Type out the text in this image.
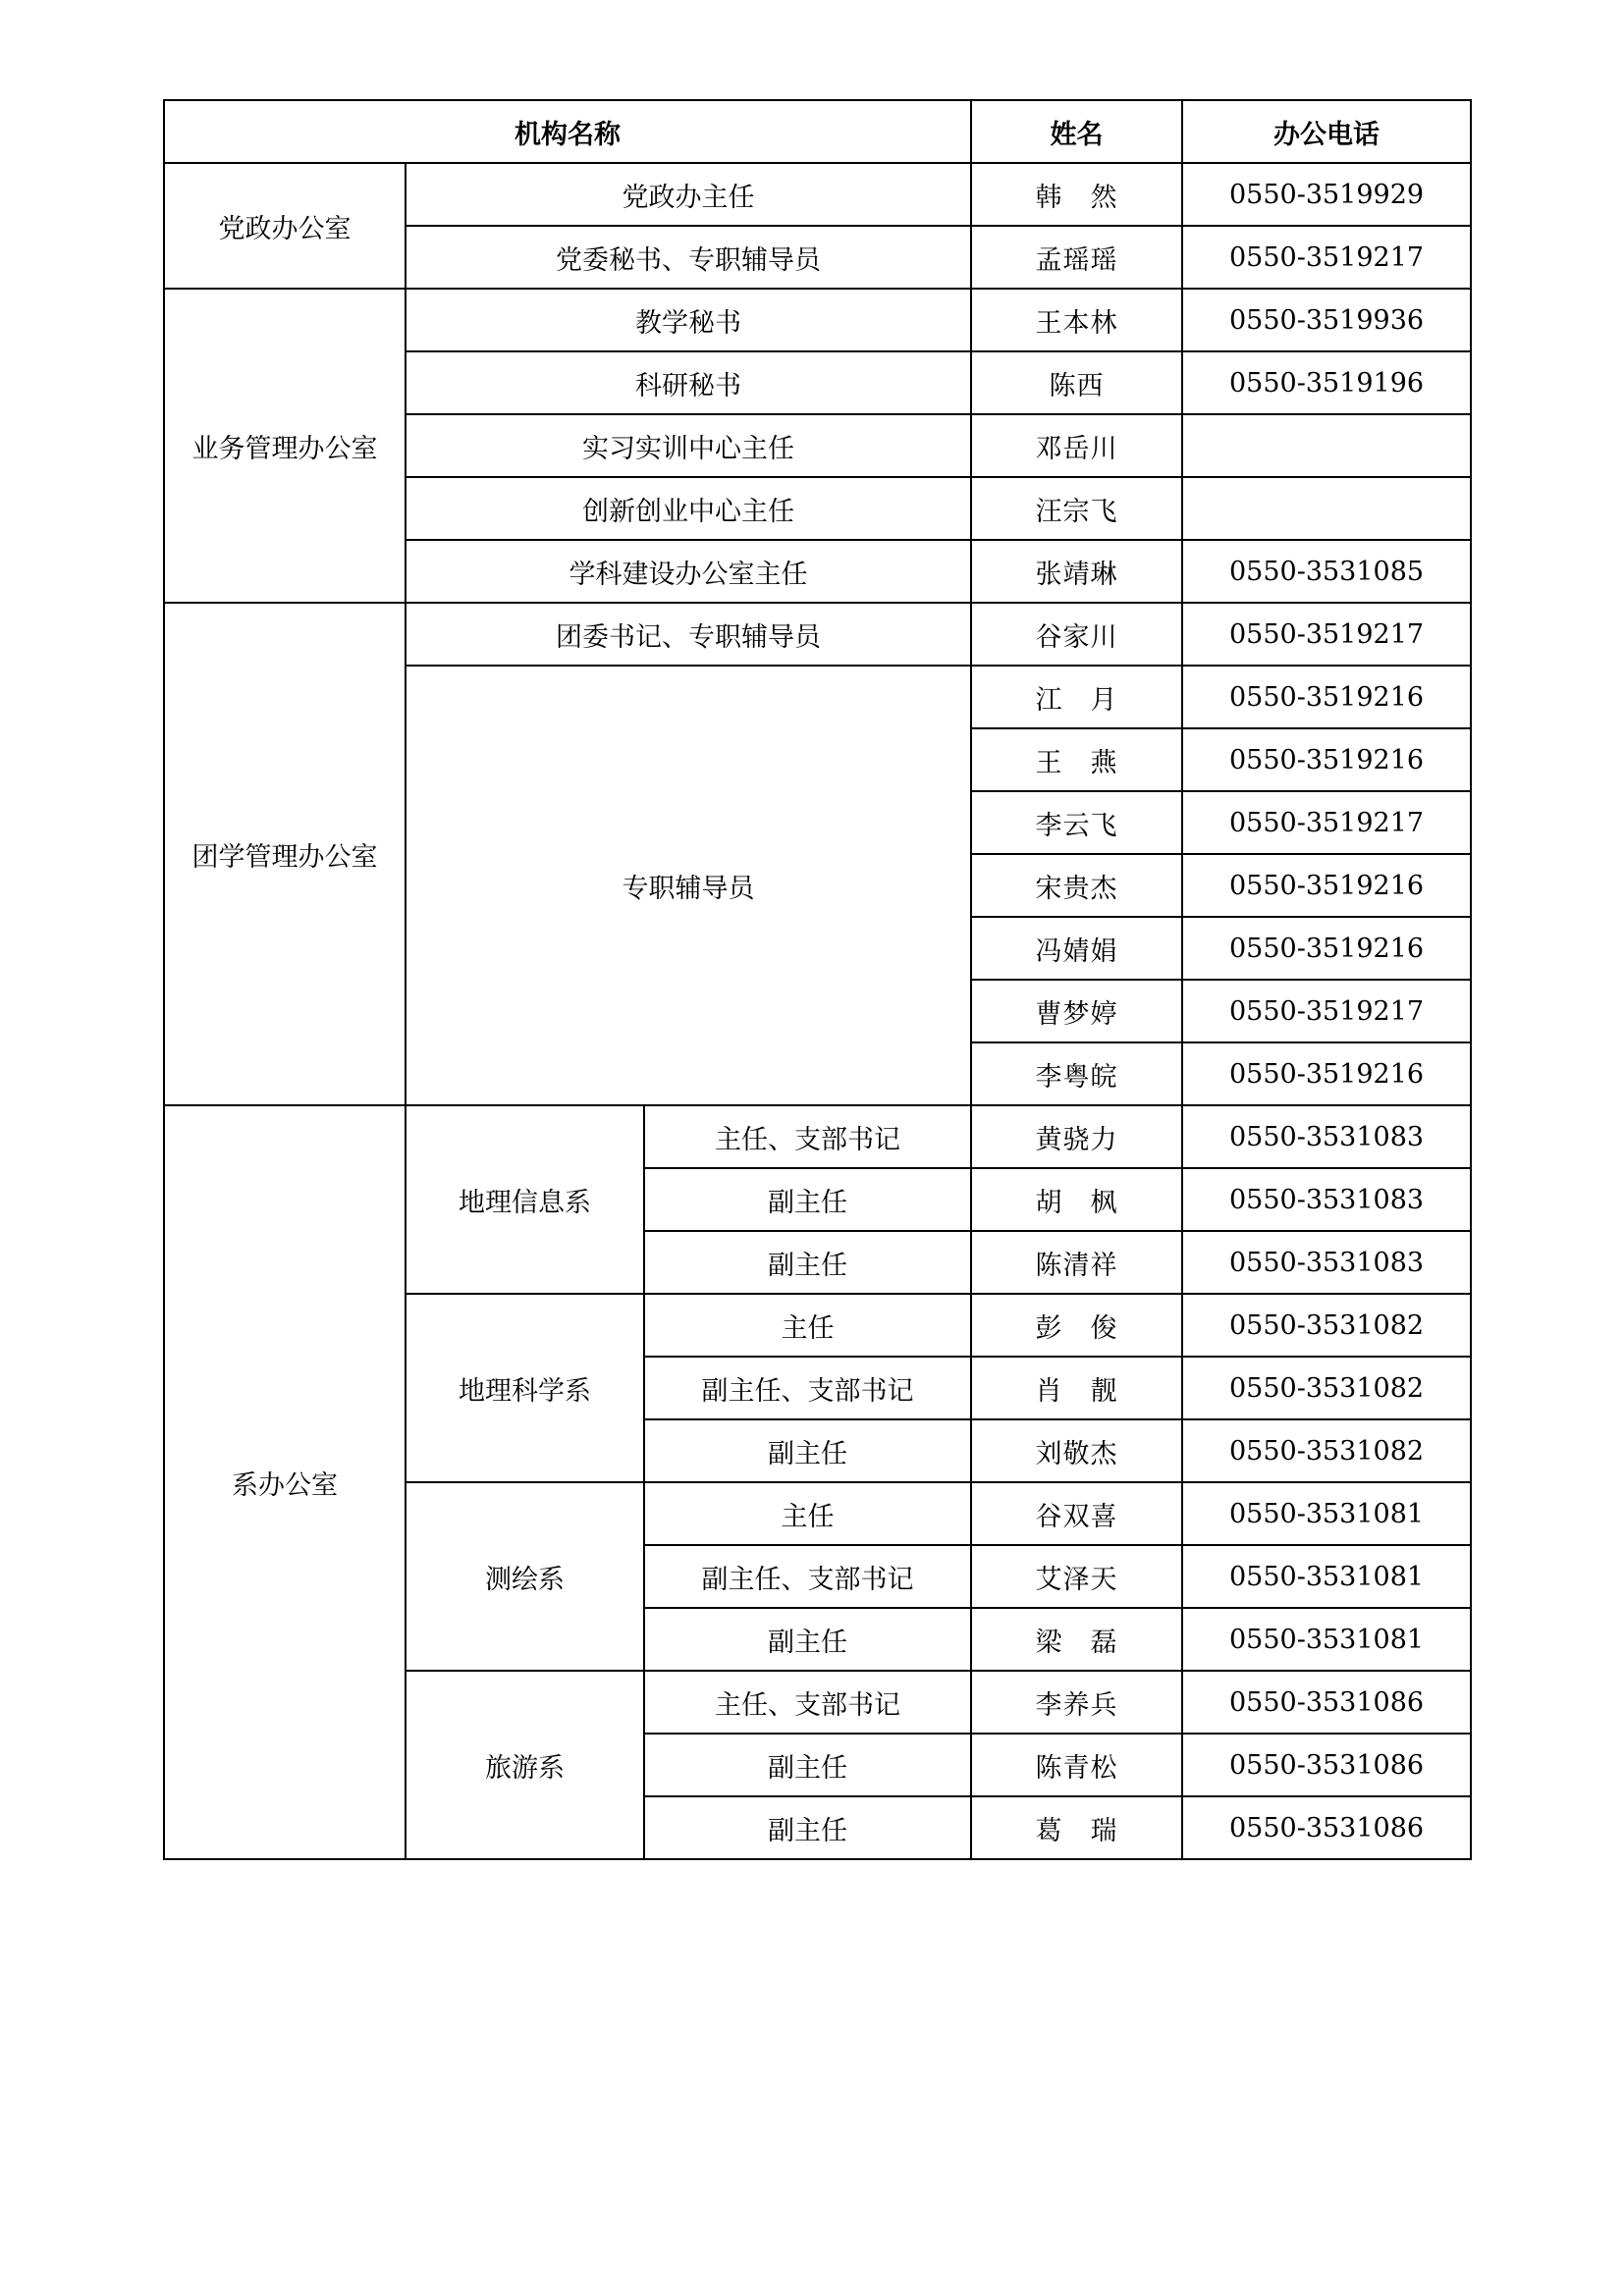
机构名称			姓名	办公电话
党政办公室	党政办主任		韩　然	0550-3519929
	党委秘书、专职辅导员		孟瑶瑶	0550-3519217
业务管理办公室	教学秘书		王本林	0550-3519936
	科研秘书		陈西	0550-3519196
	实习实训中心主任		邓岳川	
	创新创业中心主任		汪宗飞	
	学科建设办公室主任		张靖琳	0550-3531085
团学管理办公室	团委书记、专职辅导员		谷家川	0550-3519217
	专职辅导员		江　月	0550-3519216
			王　燕	0550-3519216
			李云飞	0550-3519217
			宋贵杰	0550-3519216
			冯婧娟	0550-3519216
			曹梦婷	0550-3519217
			李粤皖	0550-3519216
系办公室	地理信息系	主任、支部书记	黄骁力	0550-3531083
		副主任	胡　枫	0550-3531083
		副主任	陈清祥	0550-3531083
	地理科学系	主任	彭　俊	0550-3531082
		副主任、支部书记	肖　靓	0550-3531082
		副主任	刘敬杰	0550-3531082
	测绘系	主任	谷双喜	0550-3531081
		副主任、支部书记	艾泽天	0550-3531081
		副主任	梁　磊	0550-3531081
	旅游系	主任、支部书记	李养兵	0550-3531086
		副主任	陈青松	0550-3531086
		副主任	葛　瑞	0550-3531086
